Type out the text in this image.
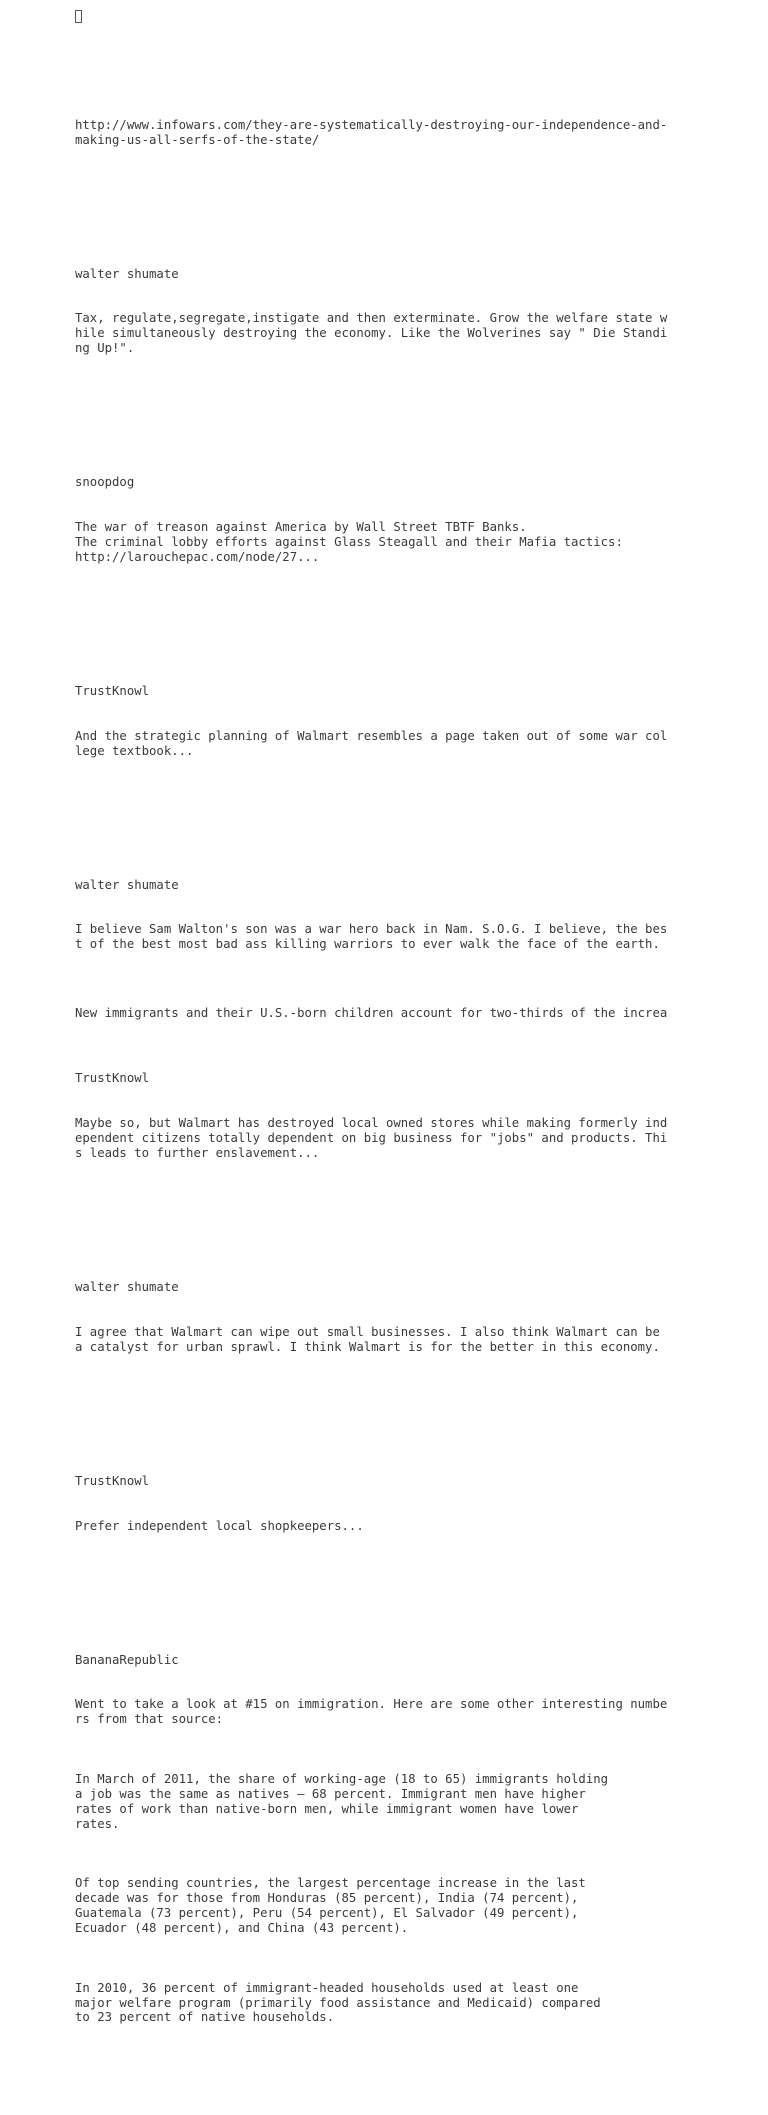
http://www.infowars.com/they-are-systematically-destroying-our-independence-and-
making-us-all-serfs-of-the-state/

walter shumate

Tax, regulate,segregate,instigate and then exterminate. Grow the welfare state w
hile simultaneously destroying the economy. Like the Wolverines say " Die Standi
ng Up!".

snoopdog

The war of treason against America by Wall Street TBTF Banks.
The criminal lobby efforts against Glass Steagall and their Mafia tactics:
http://larouchepac.com/node/27...

TrustKnowl

And the strategic planning of Walmart resembles a page taken out of some war col
lege textbook...

walter shumate

I believe Sam Walton's son was a war hero back in Nam. S.O.G. I believe, the bes
t of the best most bad ass killing warriors to ever walk the face of the earth.

TrustKnowl

Maybe so, but Walmart has destroyed local owned stores while making formerly ind
ependent citizens totally dependent on big business for "jobs" and products. Thi
s leads to further enslavement...

walter shumate

I agree that Walmart can wipe out small businesses. I also think Walmart can be
a catalyst for urban sprawl. I think Walmart is for the better in this economy.

TrustKnowl

Prefer independent local shopkeepers...

BananaRepublic

Went to take a look at #15 on immigration. Here are some other interesting numbe
rs from that source:

In March of 2011, the share of working-age (18 to 65) immigrants holding
a job was the same as natives — 68 percent. Immigrant men have higher
rates of work than native-born men, while immigrant women have lower
rates.

Of top sending countries, the largest percentage increase in the last
decade was for those from Honduras (85 percent), India (74 percent),
Guatemala (73 percent), Peru (54 percent), El Salvador (49 percent),
Ecuador (48 percent), and China (43 percent).

In 2010, 36 percent of immigrant-headed households used at least one
major welfare program (primarily food assistance and Medicaid) compared
to 23 percent of native households.

New immigrants and their U.S.-born children account for two-thirds of the increa
